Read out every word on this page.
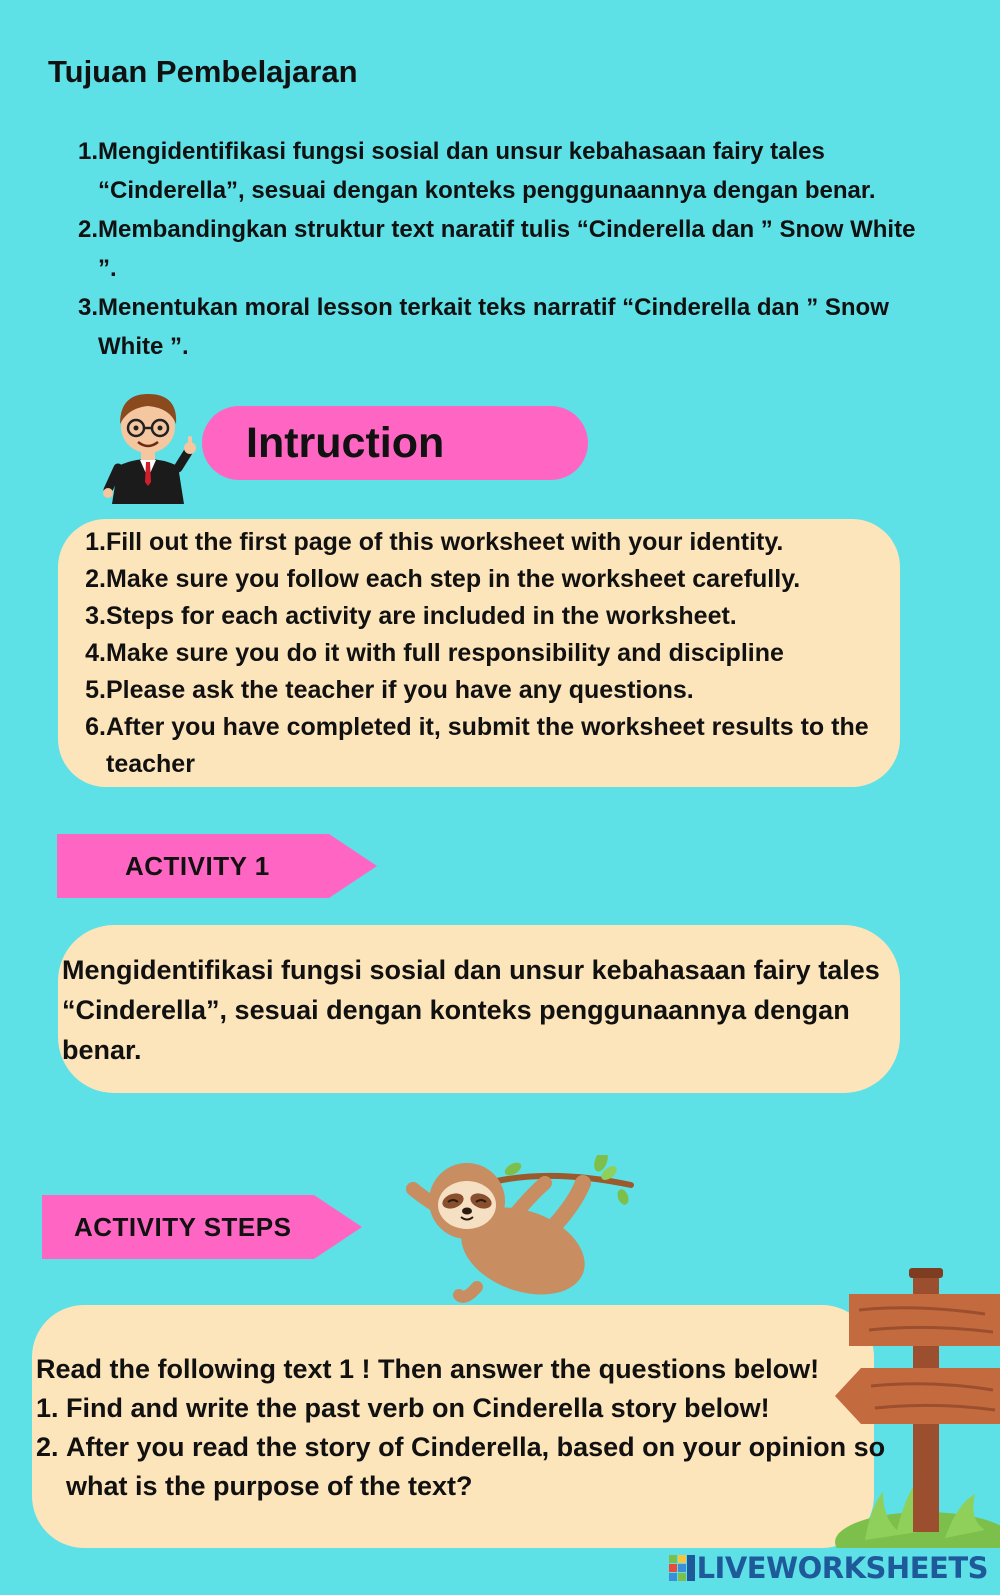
Tujuan Pembelajaran
1. Mengidentifikasi fungsi sosial dan unsur kebahasaan fairy tales “Cinderella”, sesuai dengan konteks penggunaannya dengan benar.
2. Membandingkan struktur text naratif tulis “Cinderella dan ” Snow White ”.
3. Menentukan moral lesson terkait teks narratif “Cinderella dan ” Snow White ”.
Intruction
1. Fill out the first page of this worksheet with your identity.
2. Make sure you follow each step in the worksheet carefully.
3. Steps for each activity are included in the worksheet.
4. Make sure you do it with full responsibility and discipline
5. Please ask the teacher if you have any questions.
6. After you have completed it, submit the worksheet results to the teacher
ACTIVITY 1

Mengidentifikasi fungsi sosial dan unsur kebahasaan fairy tales “Cinderella”, sesuai dengan konteks penggunaannya dengan benar.

ACTIVITY STEPS
Read the following text 1 ! Then answer the questions below!
1. Find and write the past verb on Cinderella story below!
2. After you read the story of Cinderella, based on your opinion so what is the purpose of the text?
LIVEWORKSHEETS
